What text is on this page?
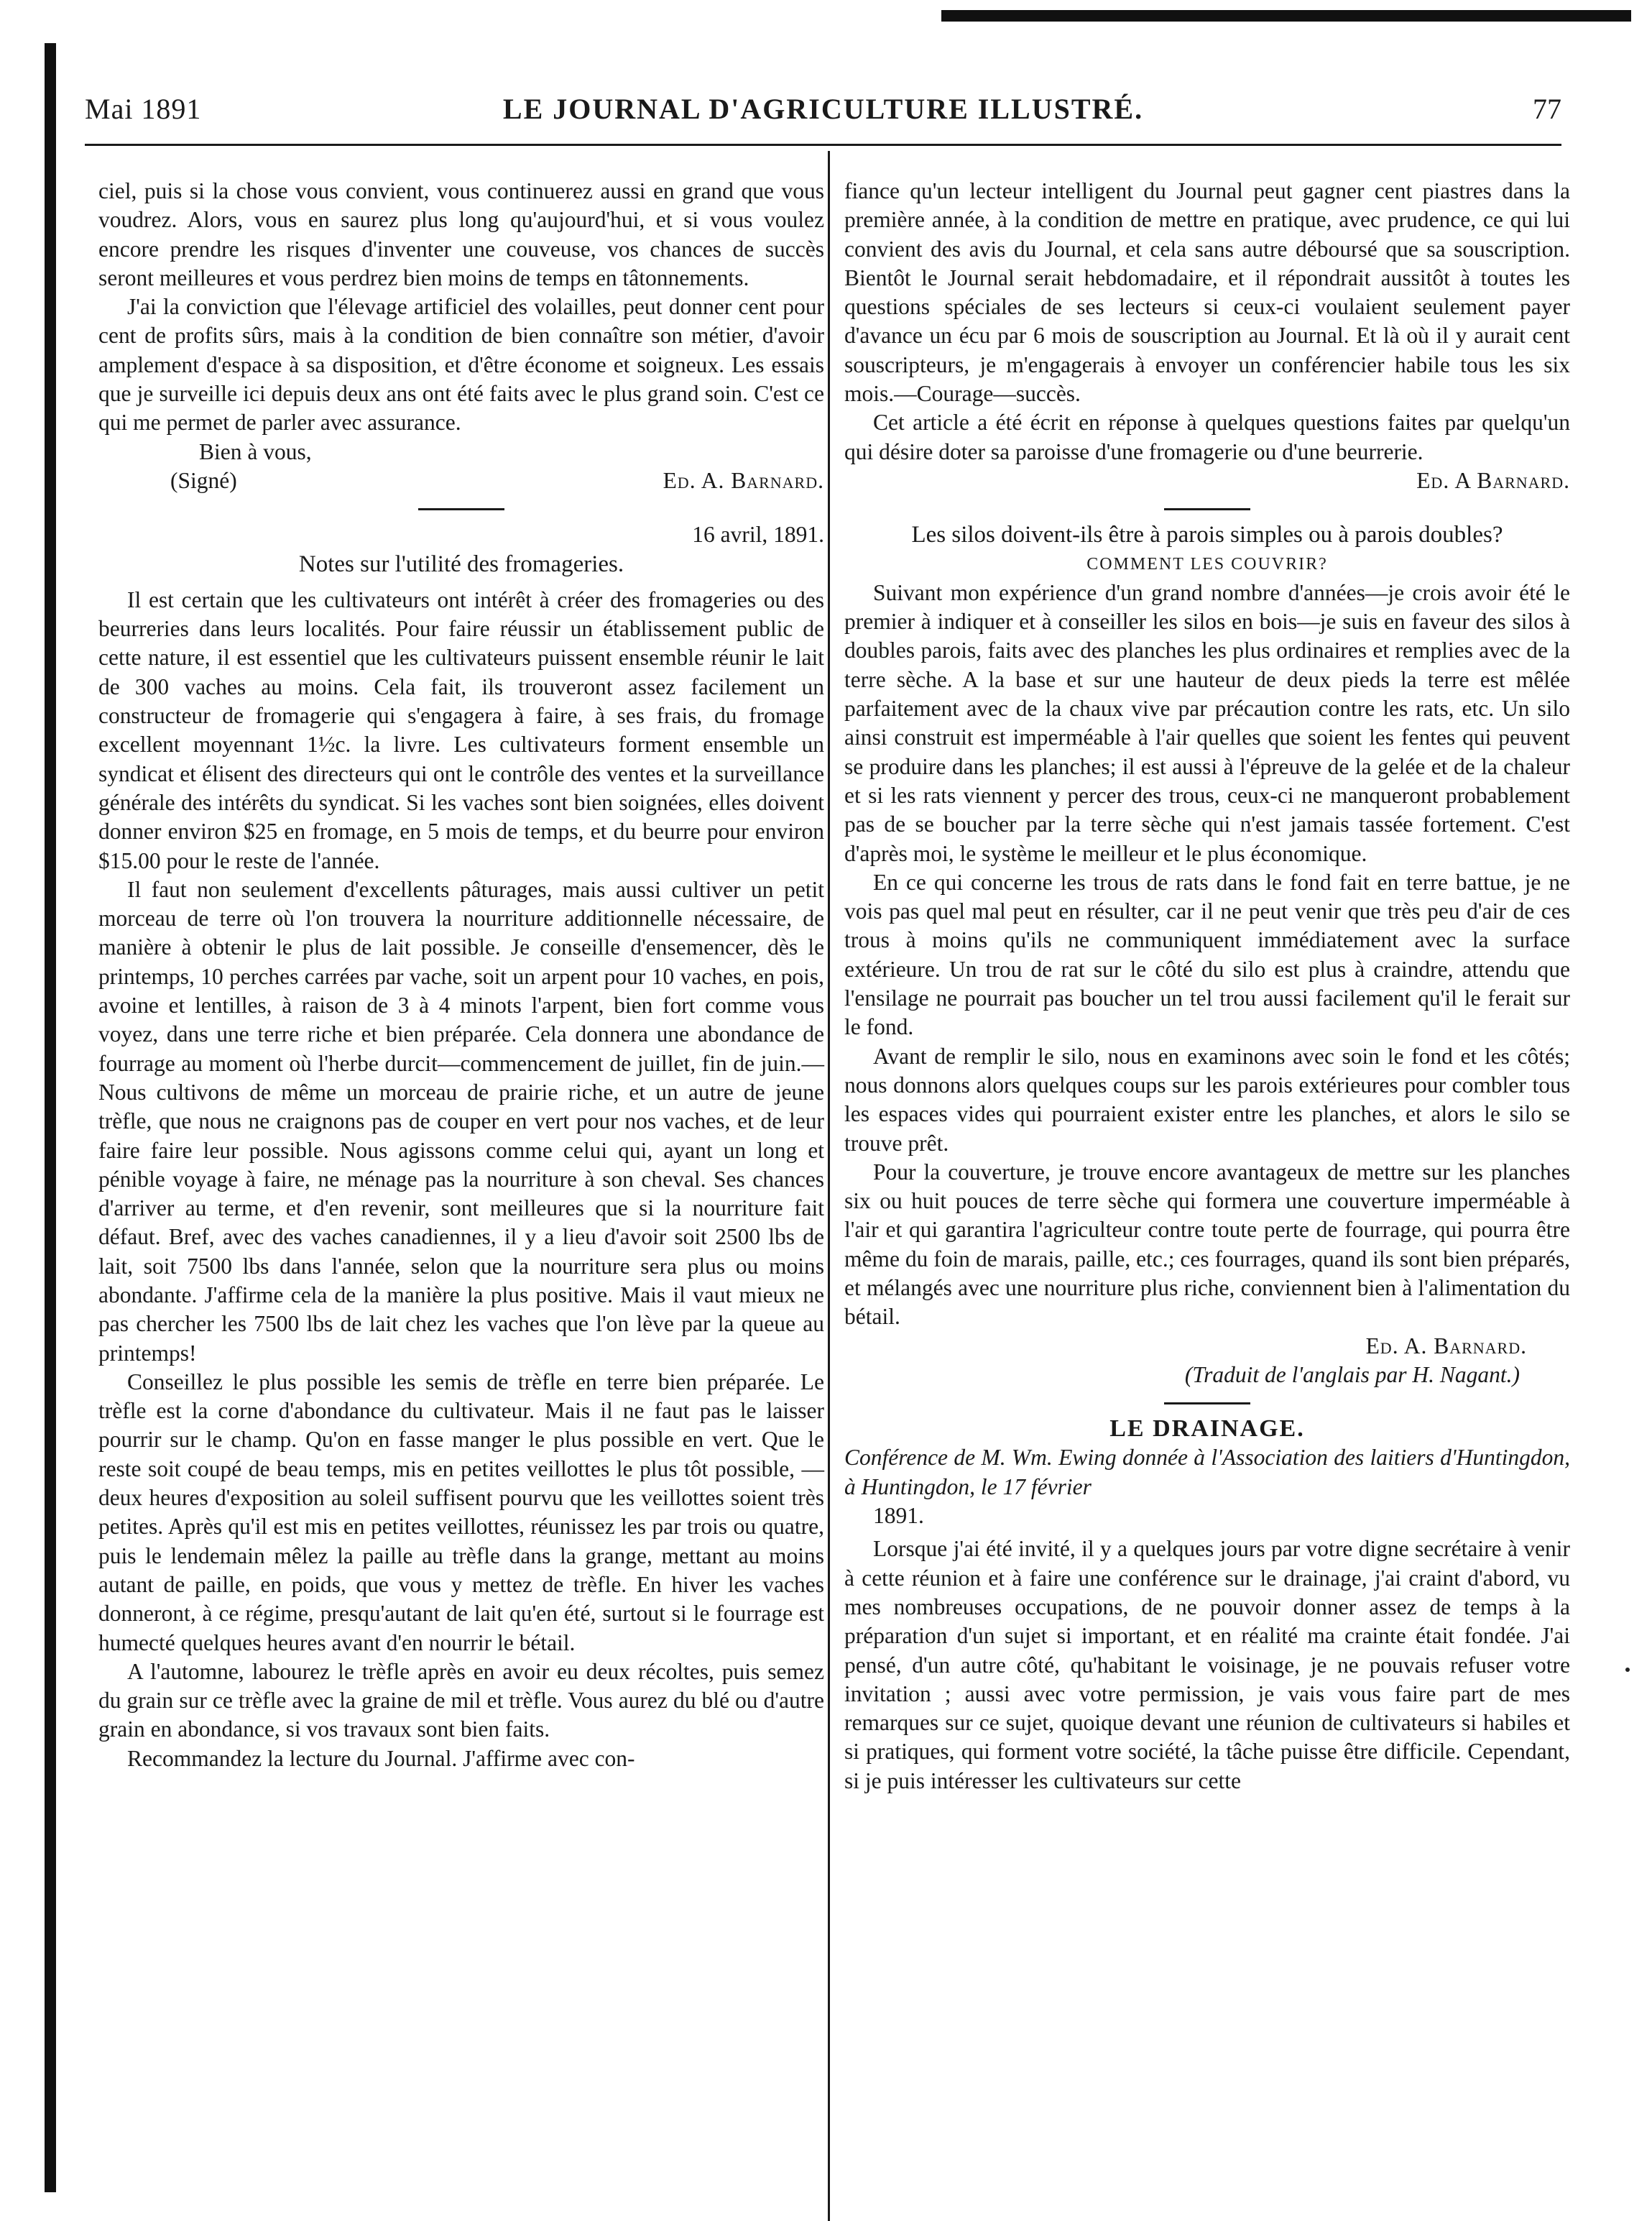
Mai 1891	LE JOURNAL D'AGRICULTURE ILLUSTRÉ.	77

ciel, puis si la chose vous convient, vous continuerez aussi en grand que vous voudrez. Alors, vous en saurez plus long qu'aujourd'hui, et si vous voulez encore prendre les risques d'inventer une couveuse, vos chances de succès seront meilleures et vous perdrez bien moins de temps en tâtonnements.

J'ai la conviction que l'élevage artificiel des volailles, peut donner cent pour cent de profits sûrs, mais à la condition de bien connaître son métier, d'avoir amplement d'espace à sa disposition, et d'être économe et soigneux. Les essais que je surveille ici depuis deux ans ont été faits avec le plus grand soin. C'est ce qui me permet de parler avec assurance.

Bien à vous,
(Signé)	Ed. A. Barnard.
16 avril, 1891.
Notes sur l'utilité des fromageries.

Il est certain que les cultivateurs ont intérêt à créer des fromageries ou des beurreries dans leurs localités. Pour faire réussir un établissement public de cette nature, il est essentiel que les cultivateurs puissent ensemble réunir le lait de 300 vaches au moins. Cela fait, ils trouveront assez facilement un constructeur de fromagerie qui s'engagera à faire, à ses frais, du fromage excellent moyennant 1½c. la livre. Les cultivateurs forment ensemble un syndicat et élisent des directeurs qui ont le contrôle des ventes et la surveillance générale des intérêts du syndicat. Si les vaches sont bien soignées, elles doivent donner environ $25 en fromage, en 5 mois de temps, et du beurre pour environ $15.00 pour le reste de l'année.

Il faut non seulement d'excellents pâturages, mais aussi cultiver un petit morceau de terre où l'on trouvera la nourriture additionnelle nécessaire, de manière à obtenir le plus de lait possible. Je conseille d'ensemencer, dès le printemps, 10 perches carrées par vache, soit un arpent pour 10 vaches, en pois, avoine et lentilles, à raison de 3 à 4 minots l'arpent, bien fort comme vous voyez, dans une terre riche et bien préparée. Cela donnera une abondance de fourrage au moment où l'herbe durcit—commencement de juillet, fin de juin.—Nous cultivons de même un morceau de prairie riche, et un autre de jeune trèfle, que nous ne craignons pas de couper en vert pour nos vaches, et de leur faire faire leur possible. Nous agissons comme celui qui, ayant un long et pénible voyage à faire, ne ménage pas la nourriture à son cheval. Ses chances d'arriver au terme, et d'en revenir, sont meilleures que si la nourriture fait défaut. Bref, avec des vaches canadiennes, il y a lieu d'avoir soit 2500 lbs de lait, soit 7500 lbs dans l'année, selon que la nourriture sera plus ou moins abondante. J'affirme cela de la manière la plus positive. Mais il vaut mieux ne pas chercher les 7500 lbs de lait chez les vaches que l'on lève par la queue au printemps!

Conseillez le plus possible les semis de trèfle en terre bien préparée. Le trèfle est la corne d'abondance du cultivateur. Mais il ne faut pas le laisser pourrir sur le champ. Qu'on en fasse manger le plus possible en vert. Que le reste soit coupé de beau temps, mis en petites veillottes le plus tôt possible, —deux heures d'exposition au soleil suffisent pourvu que les veillottes soient très petites. Après qu'il est mis en petites veillottes, réunissez les par trois ou quatre, puis le lendemain mêlez la paille au trèfle dans la grange, mettant au moins autant de paille, en poids, que vous y mettez de trèfle. En hiver les vaches donneront, à ce régime, presqu'autant de lait qu'en été, surtout si le fourrage est humecté quelques heures avant d'en nourrir le bétail.

A l'automne, labourez le trèfle après en avoir eu deux récoltes, puis semez du grain sur ce trèfle avec la graine de mil et trèfle. Vous aurez du blé ou d'autre grain en abondance, si vos travaux sont bien faits.

Recommandez la lecture du Journal. J'affirme avec con-

fiance qu'un lecteur intelligent du Journal peut gagner cent piastres dans la première année, à la condition de mettre en pratique, avec prudence, ce qui lui convient des avis du Journal, et cela sans autre déboursé que sa souscription. Bientôt le Journal serait hebdomadaire, et il répondrait aussitôt à toutes les questions spéciales de ses lecteurs si ceux-ci voulaient seulement payer d'avance un écu par 6 mois de souscription au Journal. Et là où il y aurait cent souscripteurs, je m'engagerais à envoyer un conférencier habile tous les six mois.—Courage—succès.

Cet article a été écrit en réponse à quelques questions faites par quelqu'un qui désire doter sa paroisse d'une fromagerie ou d'une beurrerie.

Ed. A Barnard.
Les silos doivent-ils être à parois simples ou à parois doubles?
COMMENT LES COUVRIR?

Suivant mon expérience d'un grand nombre d'années—je crois avoir été le premier à indiquer et à conseiller les silos en bois—je suis en faveur des silos à doubles parois, faits avec des planches les plus ordinaires et remplies avec de la terre sèche. A la base et sur une hauteur de deux pieds la terre est mêlée parfaitement avec de la chaux vive par précaution contre les rats, etc. Un silo ainsi construit est imperméable à l'air quelles que soient les fentes qui peuvent se produire dans les planches; il est aussi à l'épreuve de la gelée et de la chaleur et si les rats viennent y percer des trous, ceux-ci ne manqueront probablement pas de se boucher par la terre sèche qui n'est jamais tassée fortement. C'est d'après moi, le système le meilleur et le plus économique.

En ce qui concerne les trous de rats dans le fond fait en terre battue, je ne vois pas quel mal peut en résulter, car il ne peut venir que très peu d'air de ces trous à moins qu'ils ne communiquent immédiatement avec la surface extérieure. Un trou de rat sur le côté du silo est plus à craindre, attendu que l'ensilage ne pourrait pas boucher un tel trou aussi facilement qu'il le ferait sur le fond.

Avant de remplir le silo, nous en examinons avec soin le fond et les côtés; nous donnons alors quelques coups sur les parois extérieures pour combler tous les espaces vides qui pourraient exister entre les planches, et alors le silo se trouve prêt.

Pour la couverture, je trouve encore avantageux de mettre sur les planches six ou huit pouces de terre sèche qui formera une couverture imperméable à l'air et qui garantira l'agriculteur contre toute perte de fourrage, qui pourra être même du foin de marais, paille, etc.; ces fourrages, quand ils sont bien préparés, et mélangés avec une nourriture plus riche, conviennent bien à l'alimentation du bétail.

Ed. A. Barnard.
(Traduit de l'anglais par H. Nagant.)
LE DRAINAGE.
Conférence de M. Wm. Ewing donnée à l'Association des laitiers d'Huntingdon, à Huntingdon, le 17 février
1891.

Lorsque j'ai été invité, il y a quelques jours par votre digne secrétaire à venir à cette réunion et à faire une conférence sur le drainage, j'ai craint d'abord, vu mes nombreuses occupations, de ne pouvoir donner assez de temps à la préparation d'un sujet si important, et en réalité ma crainte était fondée. J'ai pensé, d'un autre côté, qu'habitant le voisinage, je ne pouvais refuser votre invitation ; aussi avec votre permission, je vais vous faire part de mes remarques sur ce sujet, quoique devant une réunion de cultivateurs si habiles et si pratiques, qui forment votre société, la tâche puisse être difficile. Cependant, si je puis intéresser les cultivateurs sur cette
